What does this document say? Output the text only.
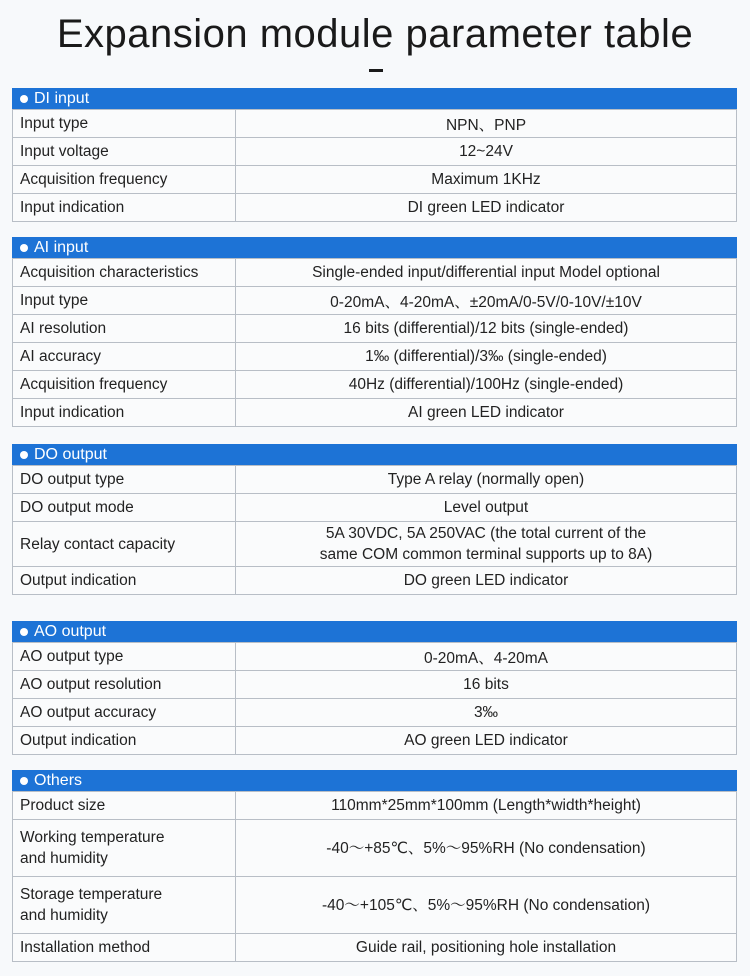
Expansion module parameter table
DI input
Input type	NPN、PNP
Input voltage	12~24V
Acquisition frequency	Maximum 1KHz
Input indication	DI green LED indicator
AI input
Acquisition characteristics	Single-ended input/differential input Model optional
Input type	0-20mA、4-20mA、±20mA/0-5V/0-10V/±10V
AI resolution	16 bits (differential)/12 bits (single-ended)
AI accuracy	1‰ (differential)/3‰ (single-ended)
Acquisition frequency	40Hz (differential)/100Hz (single-ended)
Input indication	AI green LED indicator
DO output
DO output type	Type A relay (normally open)
DO output mode	Level output
Relay contact capacity	5A 30VDC, 5A 250VAC (the total current of the
same COM common terminal supports up to 8A)

Output indication	DO green LED indicator
AO output
AO output type	0-20mA、4-20mA
AO output resolution	16 bits
AO output accuracy	3‰
Output indication	AO green LED indicator
Others
Product size	110mm*25mm*100mm (Length*width*height)

Working temperature
and humidity	-40～+85℃、5%～95%RH (No condensation)

Storage temperature
and humidity	-40～+105℃、5%～95%RH (No condensation)
Installation method	Guide rail, positioning hole installation
